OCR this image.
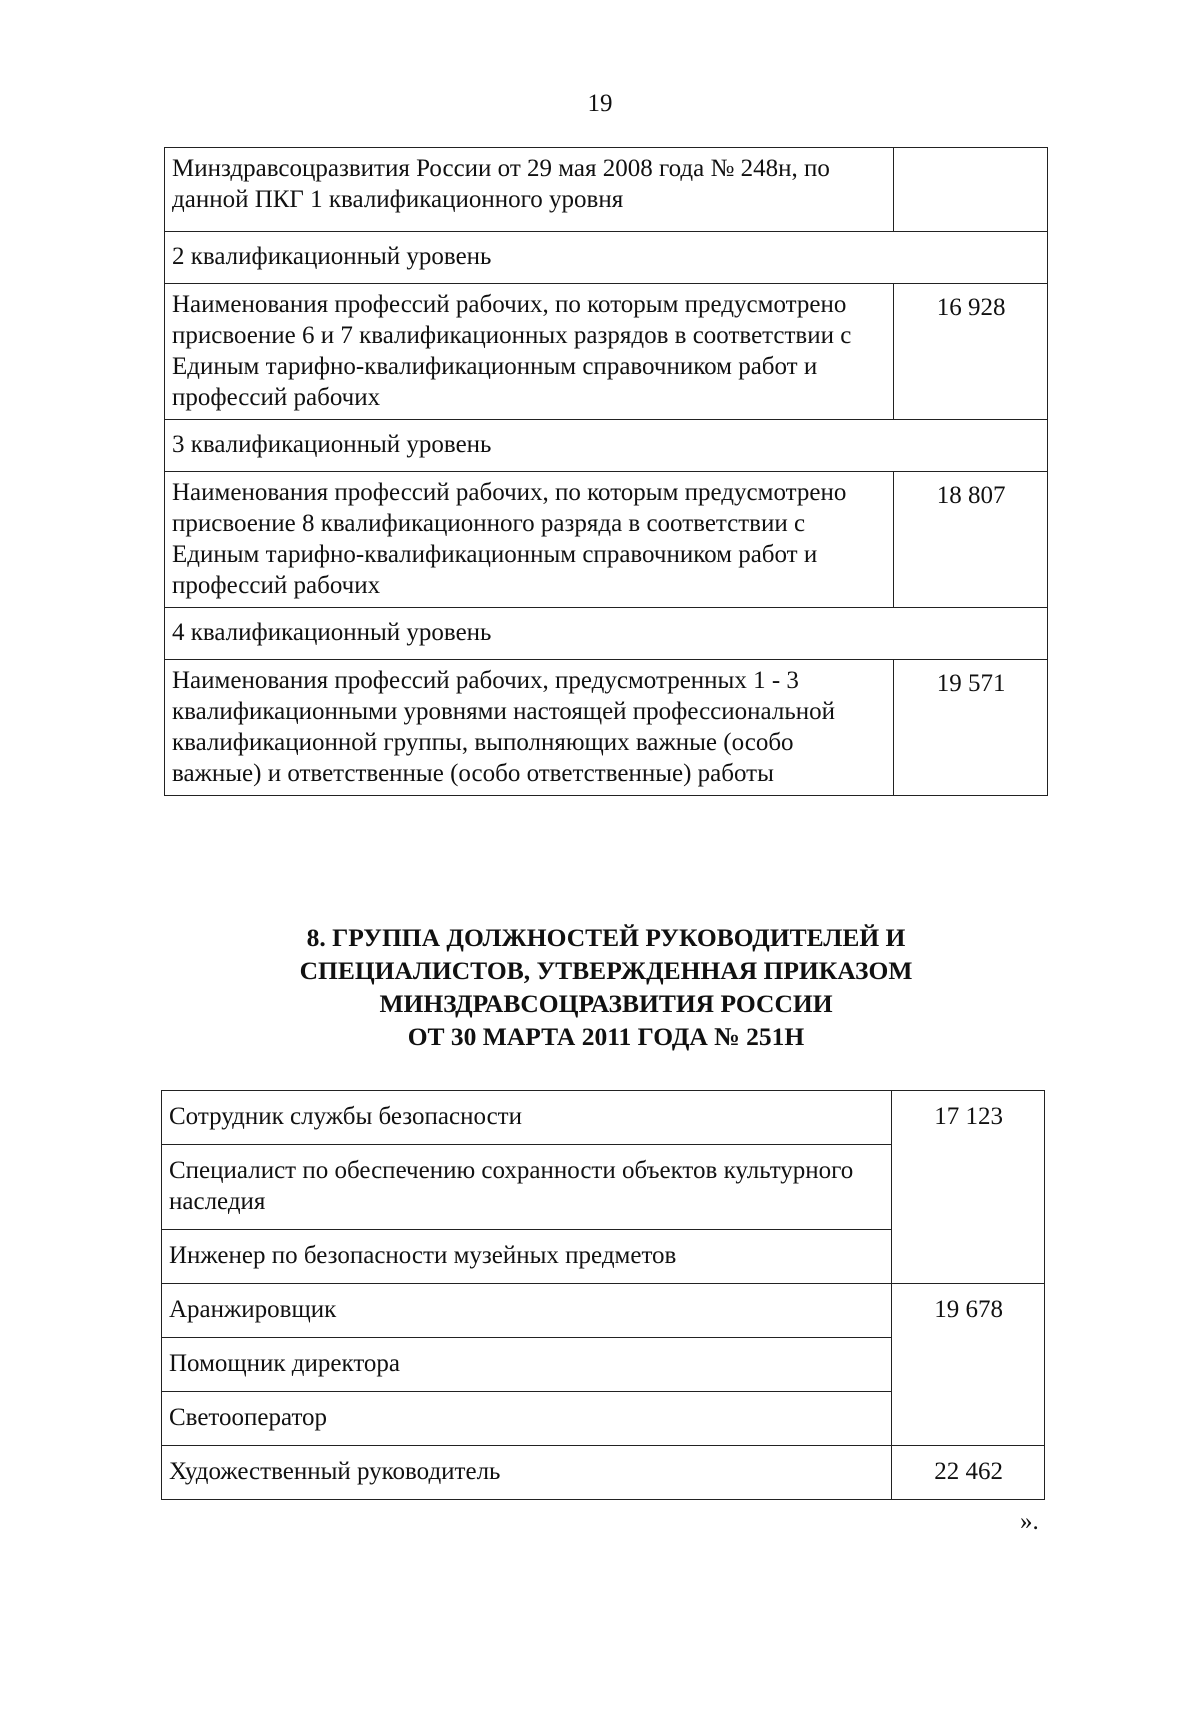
19
Минздравсоцразвития России от 29 мая 2008 года № 248н, по данной ПКГ 1 квалификационного уровня	
2 квалификационный уровень	
Наименования профессий рабочих, по которым предусмотрено присвоение 6 и 7 квалификационных разрядов в соответствии с Единым тарифно-квалификационным справочником работ и профессий рабочих	16 928
3 квалификационный уровень	
Наименования профессий рабочих, по которым предусмотрено присвоение 8 квалификационного разряда в соответствии с Единым тарифно-квалификационным справочником работ и профессий рабочих	18 807
4 квалификационный уровень	
Наименования профессий рабочих, предусмотренных 1 - 3 квалификационными уровнями настоящей профессиональной квалификационной группы, выполняющих важные (особо важные) и ответственные (особо ответственные) работы	19 571
8. ГРУППА ДОЛЖНОСТЕЙ РУКОВОДИТЕЛЕЙ И
СПЕЦИАЛИСТОВ, УТВЕРЖДЕННАЯ ПРИКАЗОМ
МИНЗДРАВСОЦРАЗВИТИЯ РОССИИ
ОТ 30 МАРТА 2011 ГОДА № 251Н
Сотрудник службы безопасности	17 123
Специалист по обеспечению сохранности объектов культурного наследия	
Инженер по безопасности музейных предметов	
Аранжировщик	19 678
Помощник директора	
Светооператор	
Художественный руководитель	22 462
».
